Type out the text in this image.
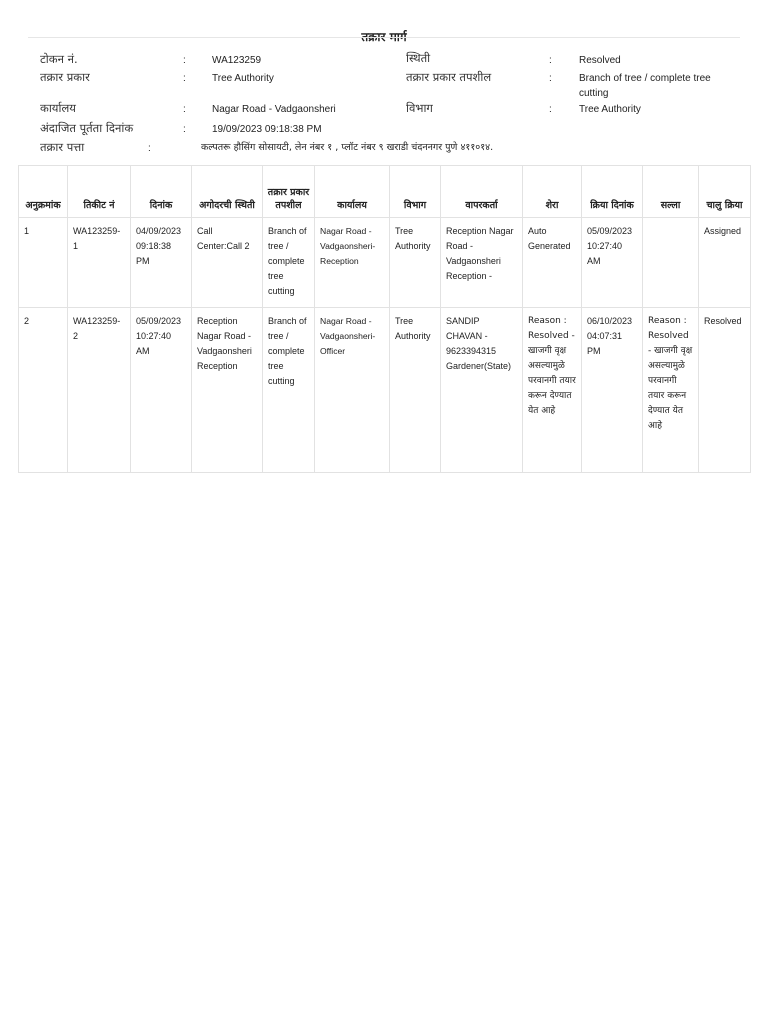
तक्रार मार्ग
टोकन नं.	:	WA123259
तक्रार प्रकार	:	Tree Authority
कार्यालय	:	Nagar Road - Vadgaonsheri
अंदाजित पूर्तता दिनांक	:	19/09/2023 09:18:38 PM
तक्रार पत्ता	:	कल्पतरू हौसिंग सोसायटी, लेन नंबर १ , प्लॉट नंबर ९ खराडी चंदननगर पुणे ४११०१४.
स्थिती	:	Resolved
तक्रार प्रकार तपशील	:	Branch of tree / complete tree cutting
विभाग	:	Tree Authority
अनुक्रमांक	तिकीट नं	दिनांक	अगोदरची स्थिती	तक्रार प्रकार तपशील	कार्यालय	विभाग	वापरकर्ता	शेरा	क्रिया दिनांक	सल्ला	चालु क्रिया
1	WA123259-1	04/09/2023 09:18:38 PM	Call Center:Call 2	Branch of tree / complete tree cutting	Nagar Road - Vadgaonsheri-Reception	Tree Authority	Reception Nagar Road - Vadgaonsheri Reception -	Auto Generated	05/09/2023 10:27:40 AM		Assigned
2	WA123259-2	05/09/2023 10:27:40 AM	Reception Nagar Road - Vadgaonsheri Reception	Branch of tree / complete tree cutting	Nagar Road - Vadgaonsheri-Officer	Tree Authority	SANDIP CHAVAN - 9623394315 Gardener(State)	Reason : Resolved - खाजगी वृक्ष असल्यामुळे परवानगी तयार करून देण्यात येत आहे	06/10/2023 04:07:31 PM	Reason : Resolved - खाजगी वृक्ष असल्यामुळे परवानगी तयार करून देण्यात येत आहे	Resolved
